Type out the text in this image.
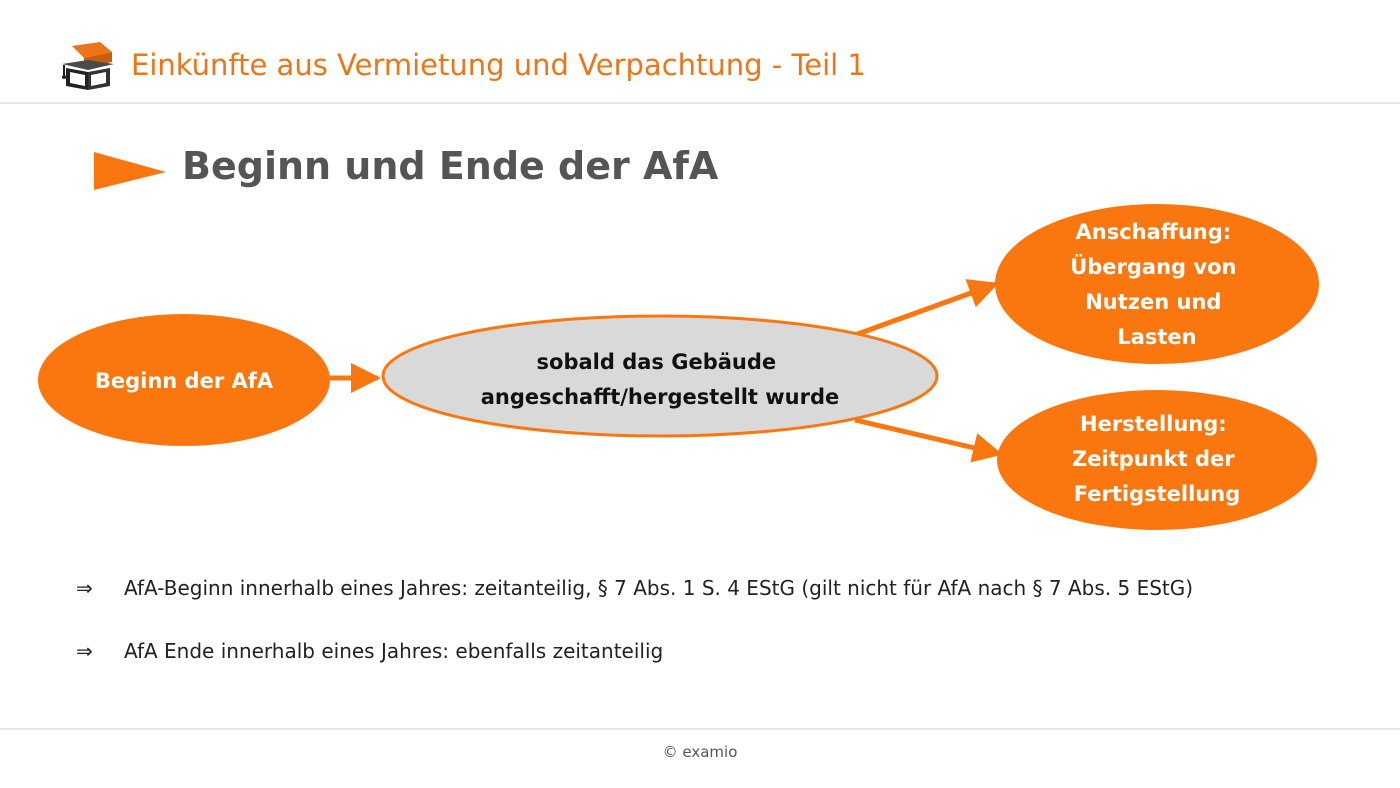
Einkünfte aus Vermietung und Verpachtung - Teil 1
Beginn und Ende der AfA
Beginn der AfA
sobald das Gebäude angeschafft/hergestellt wurde
Anschaffung: Übergang von Nutzen und Lasten
Herstellung: Zeitpunkt der Fertigstellung
⇒ AfA-Beginn innerhalb eines Jahres: zeitanteilig, § 7 Abs. 1 S. 4 EStG (gilt nicht für AfA nach § 7 Abs. 5 EStG)
⇒ AfA Ende innerhalb eines Jahres: ebenfalls zeitanteilig
© examio
